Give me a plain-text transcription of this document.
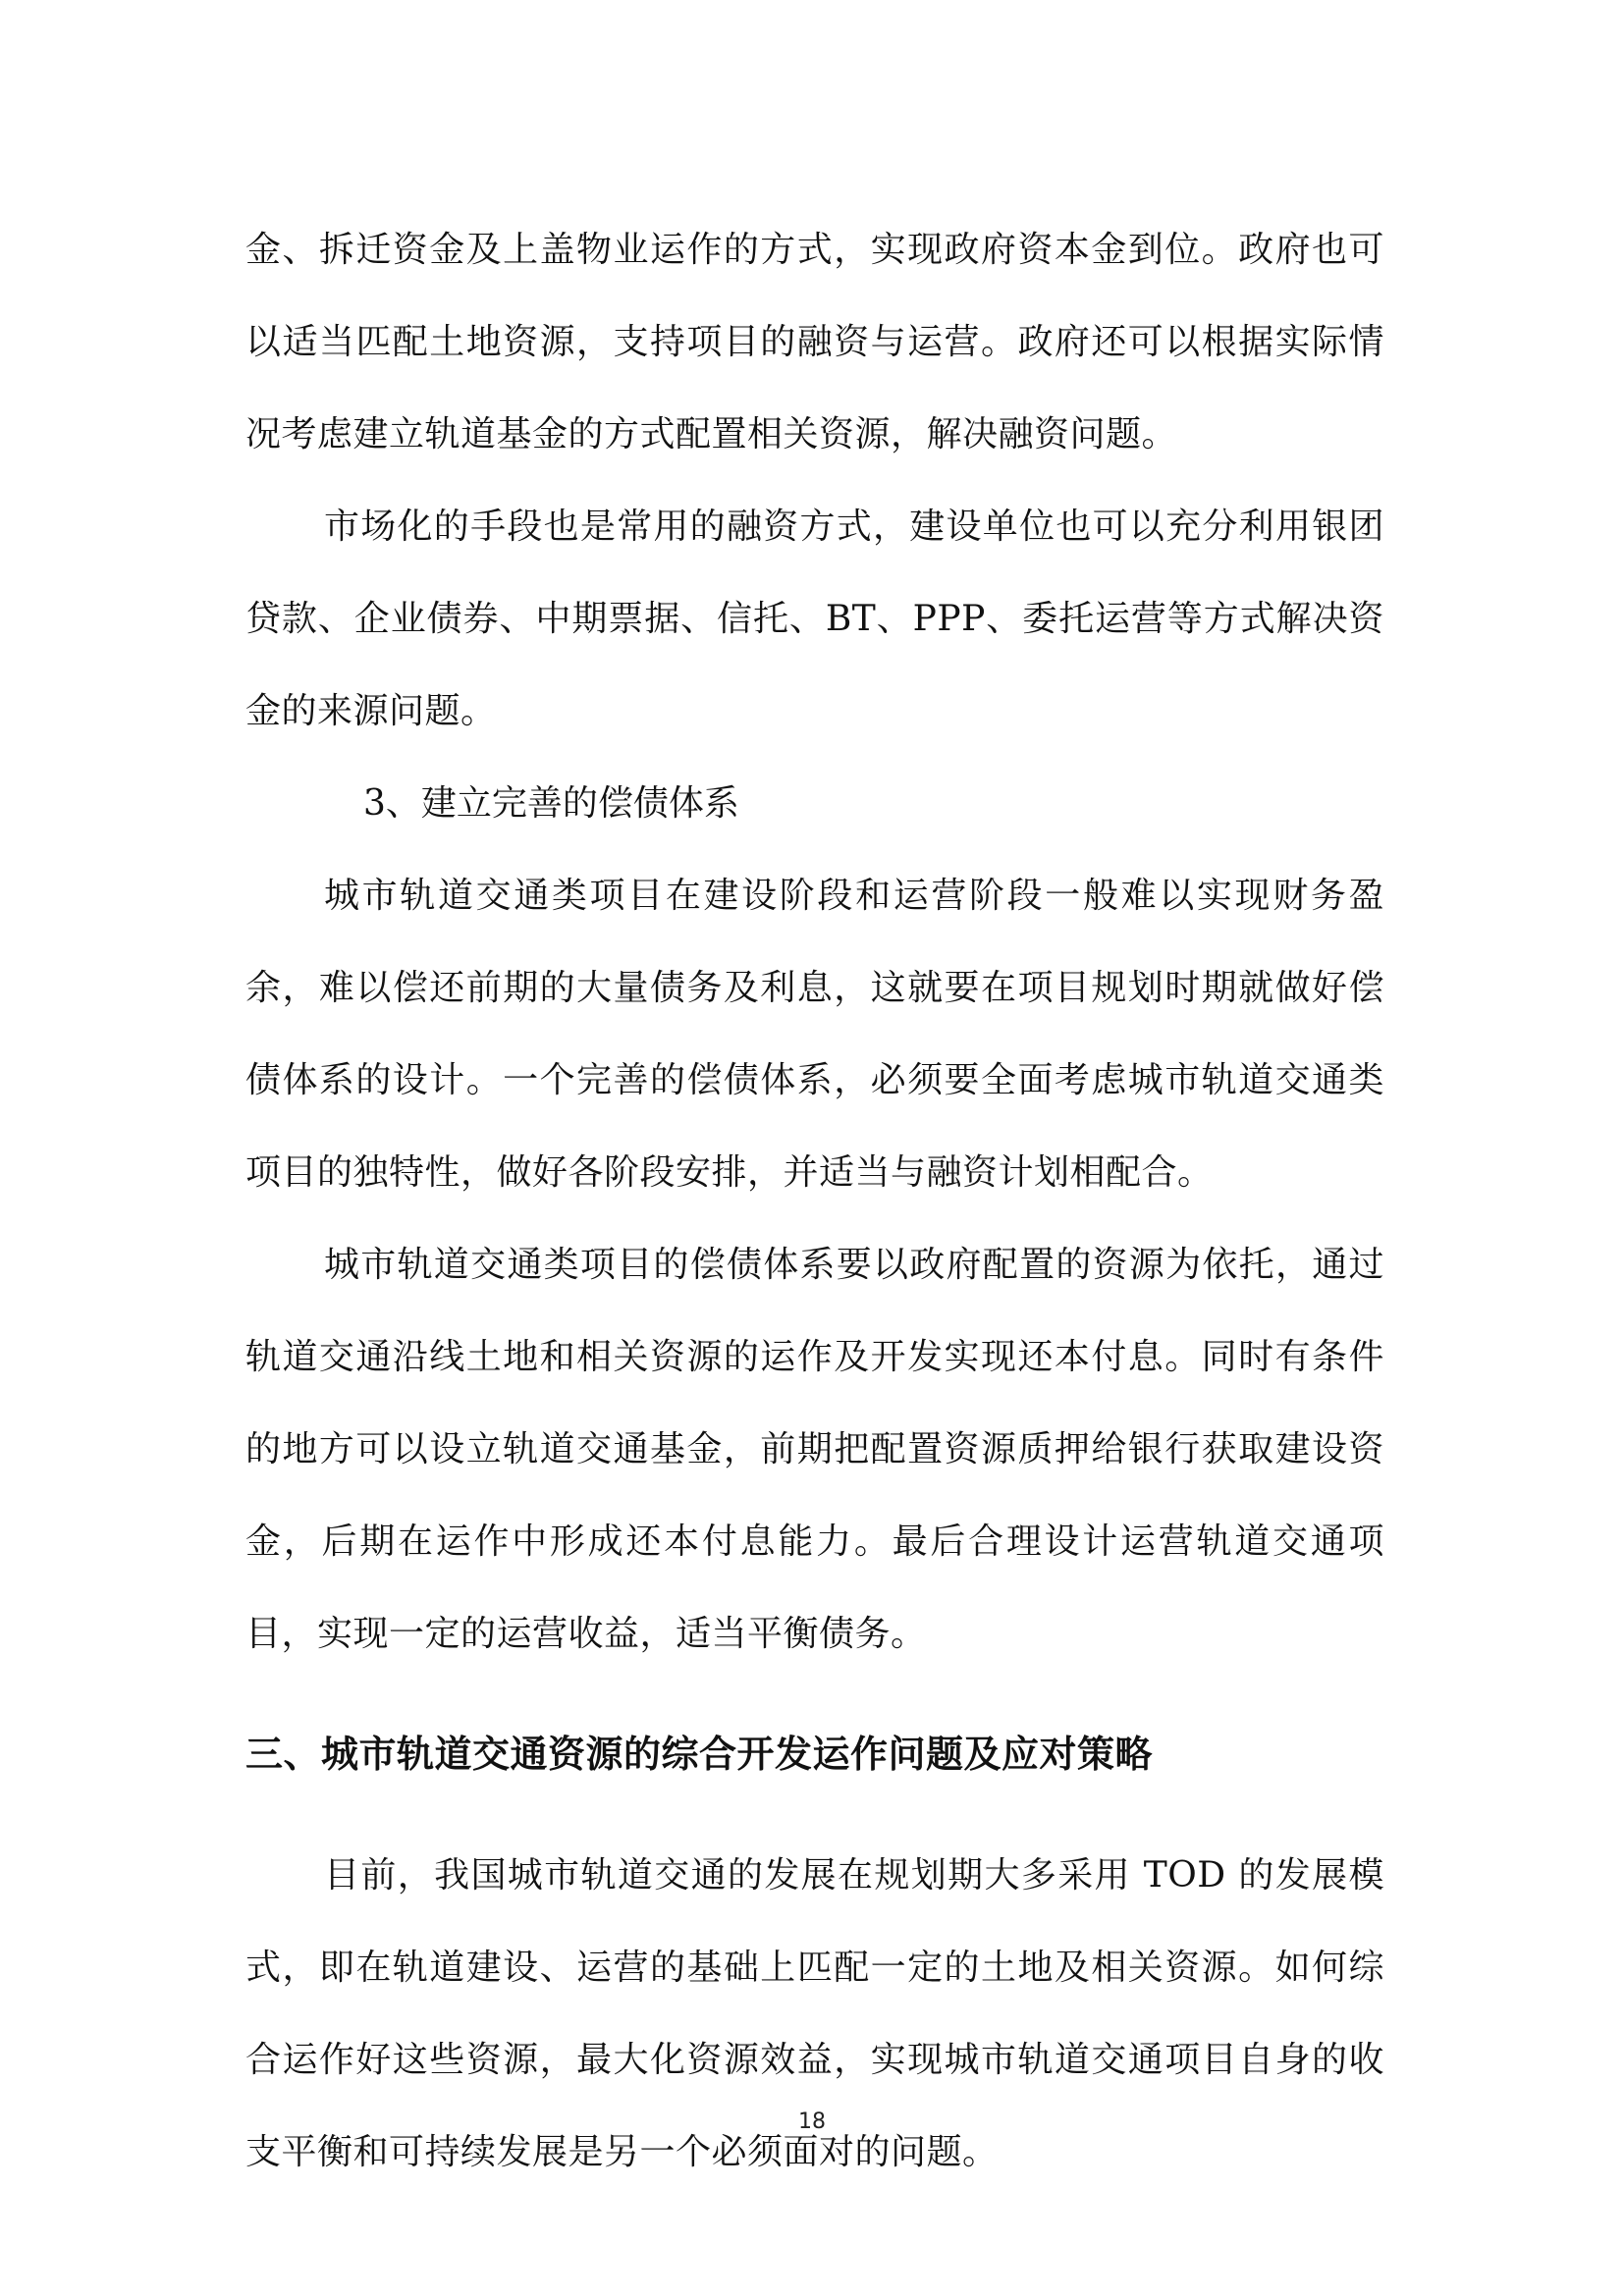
金、拆迁资金及上盖物业运作的方式，实现政府资本金到位。政府也可以适当匹配土地资源，支持项目的融资与运营。政府还可以根据实际情况考虑建立轨道基金的方式配置相关资源，解决融资问题。

市场化的手段也是常用的融资方式，建设单位也可以充分利用银团贷款、企业债券、中期票据、信托、BT、PPP、委托运营等方式解决资金的来源问题。

3、建立完善的偿债体系

城市轨道交通类项目在建设阶段和运营阶段一般难以实现财务盈余，难以偿还前期的大量债务及利息，这就要在项目规划时期就做好偿债体系的设计。一个完善的偿债体系，必须要全面考虑城市轨道交通类项目的独特性，做好各阶段安排，并适当与融资计划相配合。

城市轨道交通类项目的偿债体系要以政府配置的资源为依托，通过轨道交通沿线土地和相关资源的运作及开发实现还本付息。同时有条件的地方可以设立轨道交通基金，前期把配置资源质押给银行获取建设资金，后期在运作中形成还本付息能力。最后合理设计运营轨道交通项目，实现一定的运营收益，适当平衡债务。

三、城市轨道交通资源的综合开发运作问题及应对策略

目前，我国城市轨道交通的发展在规划期大多采用 TOD 的发展模式，即在轨道建设、运营的基础上匹配一定的土地及相关资源。如何综合运作好这些资源，最大化资源效益，实现城市轨道交通项目自身的收支平衡和可持续发展是另一个必须面对的问题。

18
